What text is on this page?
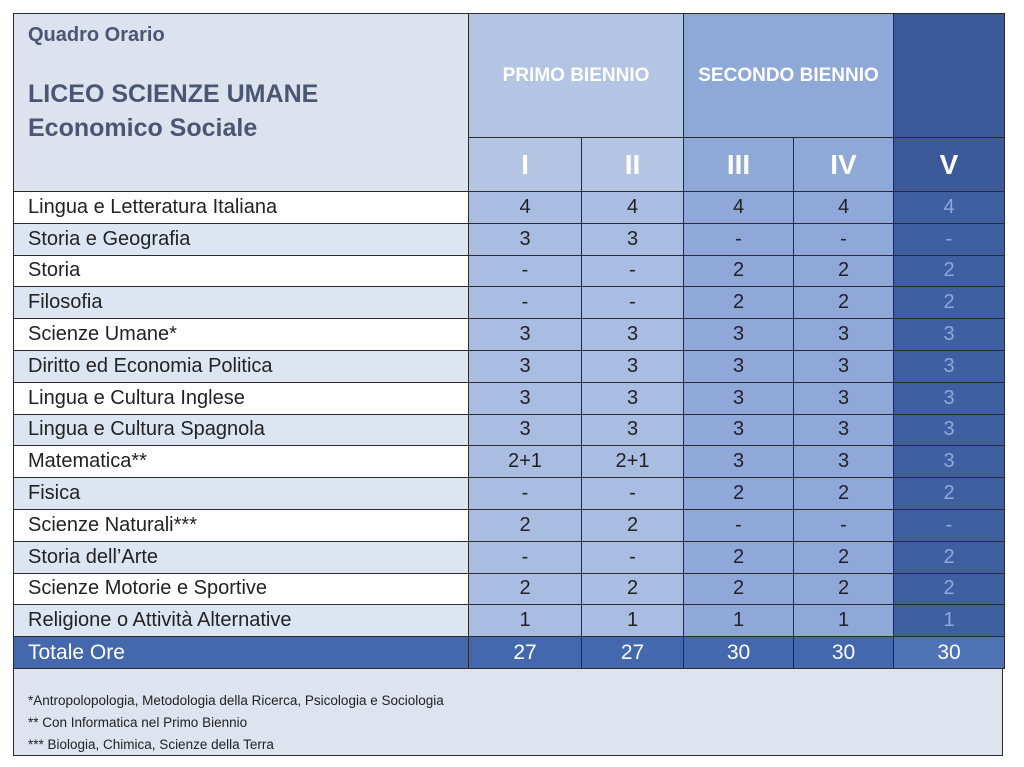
Quadro Orario
LICEO SCIENZE UMANE
Economico Sociale	PRIMO BIENNIO		SECONDO BIENNIO		
	I	II	III	IV	V
Lingua e Letteratura Italiana	4	4	4	4	4
Storia e Geografia	3	3	-	-	-
Storia	-	-	2	2	2
Filosofia	-	-	2	2	2
Scienze Umane*	3	3	3	3	3
Diritto ed Economia Politica	3	3	3	3	3
Lingua e Cultura Inglese	3	3	3	3	3
Lingua e Cultura Spagnola	3	3	3	3	3
Matematica**	2+1	2+1	3	3	3
Fisica	-	-	2	2	2
Scienze Naturali***	2	2	-	-	-
Storia dell’Arte	-	-	2	2	2
Scienze Motorie e Sportive	2	2	2	2	2
Religione o Attività Alternative	1	1	1	1	1
Totale Ore	27	27	30	30	30
*Antropolopologia, Metodologia della Ricerca, Psicologia e Sociologia
** Con Informatica nel Primo Biennio
*** Biologia, Chimica, Scienze della Terra
